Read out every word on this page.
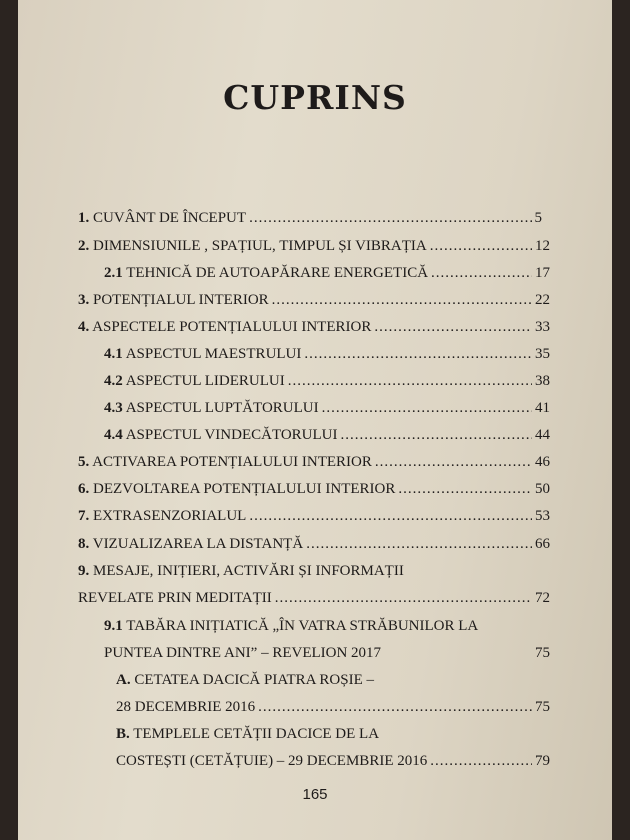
CUPRINS
1. CUVÂNT DE ÎNCEPUT .....	5
2. DIMENSIUNILE , SPAȚIUL, TIMPUL ȘI VIBRAȚIA .....	12
2.1 TEHNICĂ DE AUTOAPĂRARE ENERGETICĂ .....	17
3. POTENȚIALUL INTERIOR .....	22
4. ASPECTELE POTENȚIALULUI INTERIOR .....	33
4.1 ASPECTUL MAESTRULUI .....	35
4.2 ASPECTUL LIDERULUI .....	38
4.3 ASPECTUL LUPTĂTORULUI .....	41
4.4 ASPECTUL VINDECĂTORULUI .....	44
5. ACTIVAREA POTENȚIALULUI INTERIOR .....	46
6. DEZVOLTAREA POTENȚIALULUI INTERIOR .....	50
7. EXTRASENZORIALUL .....	53
8. VIZUALIZAREA LA DISTANȚĂ .....	66
9. MESAJE, INIȚIERI, ACTIVĂRI ȘI INFORMAȚII
REVELATE PRIN MEDITAȚII .....	72
9.1 TABĂRA INIȚIATICĂ „ÎN VATRA STRĂBUNILOR LA
PUNTEA DINTRE ANI” – REVELION 2017	75
A. CETATEA DACICĂ PIATRA ROȘIE –
28 DECEMBRIE 2016 .....	75
B. TEMPLELE CETĂȚII DACICE DE LA
COSTEȘTI (CETĂȚUIE) – 29 DECEMBRIE 2016 .....	79
165
